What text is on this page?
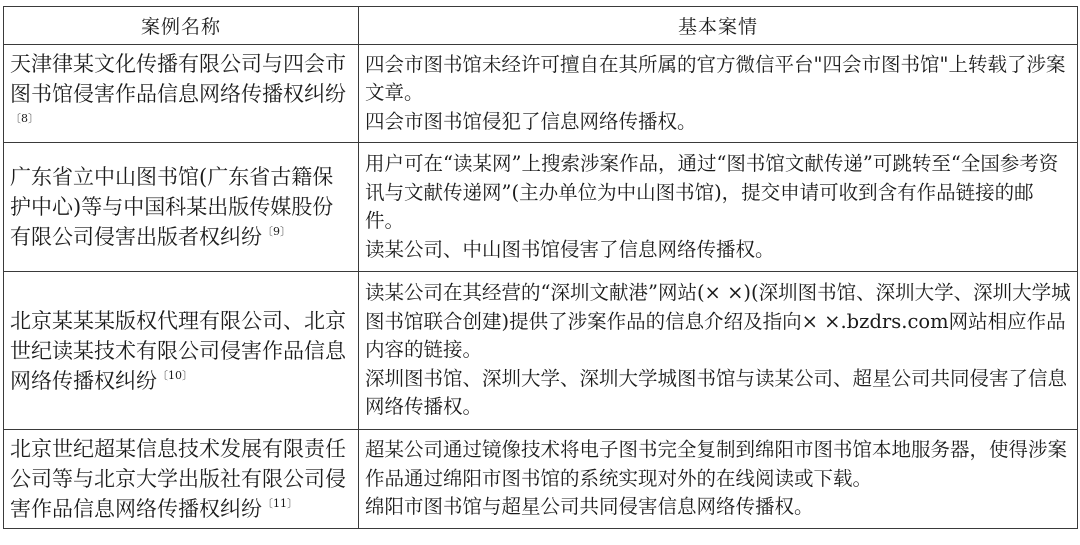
案例名称	基本案情
天津律某文化传播有限公司与四会市图书馆侵害作品信息网络传播权纠纷$^{〔8〕}$	四会市图书馆未经许可擅自在其所属的官方微信平台"四会市图书馆"上转载了涉案文章。

四会市图书馆侵犯了信息网络传播权。

广东省立中山图书馆(广东省古籍保护中心)等与中国科某出版传媒股份有限公司侵害出版者权纠纷$^{〔9〕}$	用户可在“读某网”上搜索涉案作品，通过“图书馆文献传递”可跳转至“全国参考资讯与文献传递网”(主办单位为中山图书馆)，提交申请可收到含有作品链接的邮件。

读某公司、中山图书馆侵害了信息网络传播权。

北京某某某版权代理有限公司、北京世纪读某技术有限公司侵害作品信息网络传播权纠纷$^{〔10〕}$	读某公司在其经营的“深圳文献港”网站(× ×)(深圳图书馆、深圳大学、深圳大学城图书馆联合创建)提供了涉案作品的信息介绍及指向× ×.bzdrs.com网站相应作品内容的链接。

深圳图书馆、深圳大学、深圳大学城图书馆与读某公司、超星公司共同侵害了信息网络传播权。

北京世纪超某信息技术发展有限责任公司等与北京大学出版社有限公司侵害作品信息网络传播权纠纷$^{〔11〕}$	超某公司通过镜像技术将电子图书完全复制到绵阳市图书馆本地服务器，使得涉案作品通过绵阳市图书馆的系统实现对外的在线阅读或下载。

绵阳市图书馆与超星公司共同侵害信息网络传播权。
